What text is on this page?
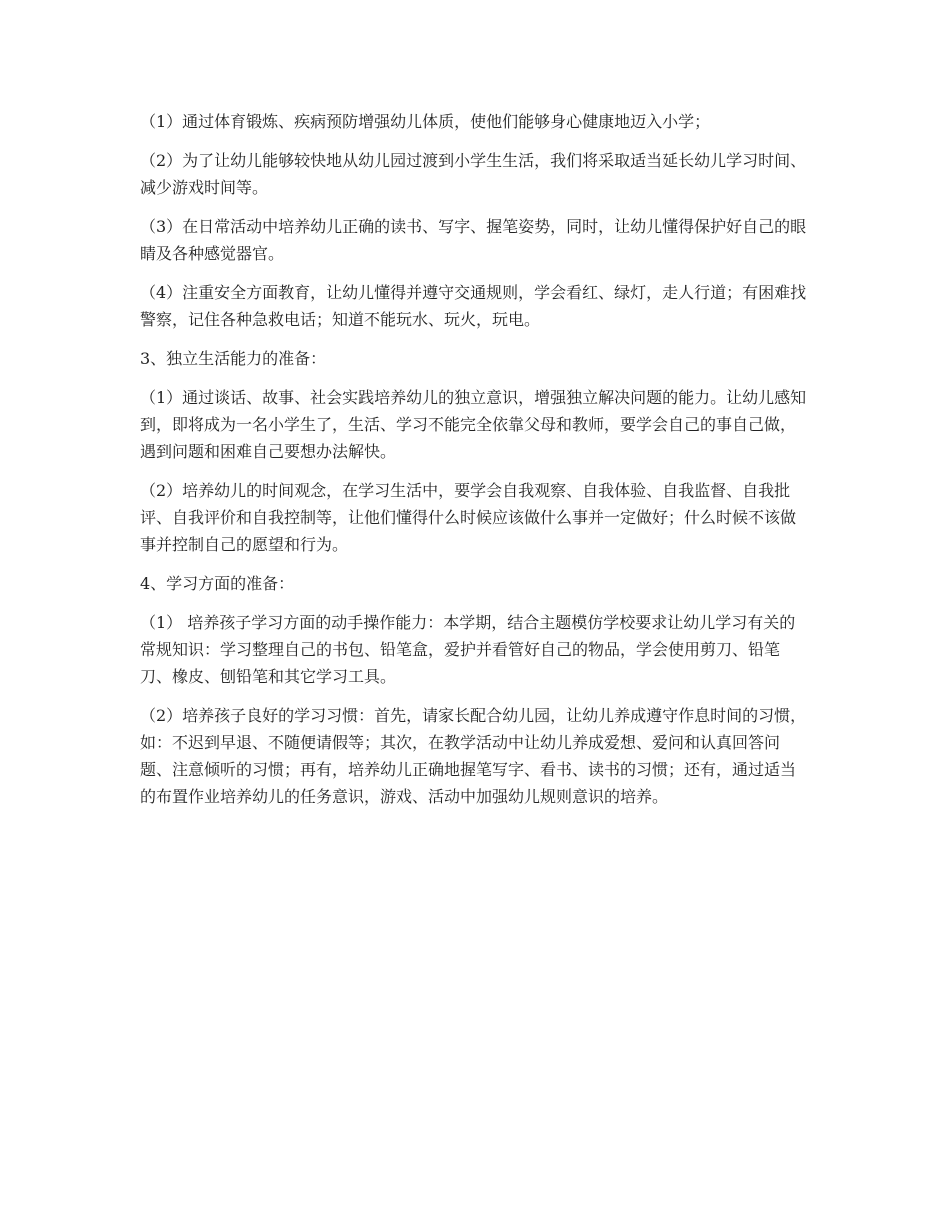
（1）通过体育锻炼、疾病预防增强幼儿体质，使他们能够身心健康地迈入小学；

（2）为了让幼儿能够较快地从幼儿园过渡到小学生生活，我们将采取适当延长幼儿学习时间、减少游戏时间等。

（3）在日常活动中培养幼儿正确的读书、写字、握笔姿势，同时，让幼儿懂得保护好自己的眼睛及各种感觉器官。

（4）注重安全方面教育，让幼儿懂得并遵守交通规则，学会看红、绿灯，走人行道；有困难找警察，记住各种急救电话；知道不能玩水、玩火，玩电。

3、独立生活能力的准备：

（1）通过谈话、故事、社会实践培养幼儿的独立意识，增强独立解决问题的能力。让幼儿感知到，即将成为一名小学生了，生活、学习不能完全依靠父母和教师，要学会自己的事自己做，遇到问题和困难自己要想办法解快。

（2）培养幼儿的时间观念，在学习生活中，要学会自我观察、自我体验、自我监督、自我批评、自我评价和自我控制等，让他们懂得什么时候应该做什么事并一定做好；什么时候不该做事并控制自己的愿望和行为。

4、学习方面的准备：

（1） 培养孩子学习方面的动手操作能力：本学期，结合主题模仿学校要求让幼儿学习有关的常规知识：学习整理自己的书包、铅笔盒，爱护并看管好自己的物品，学会使用剪刀、铅笔刀、橡皮、刨铅笔和其它学习工具。

（2）培养孩子良好的学习习惯：首先，请家长配合幼儿园，让幼儿养成遵守作息时间的习惯，如：不迟到早退、不随便请假等；其次，在教学活动中让幼儿养成爱想、爱问和认真回答问题、注意倾听的习惯；再有，培养幼儿正确地握笔写字、看书、读书的习惯；还有，通过适当的布置作业培养幼儿的任务意识，游戏、活动中加强幼儿规则意识的培养。
